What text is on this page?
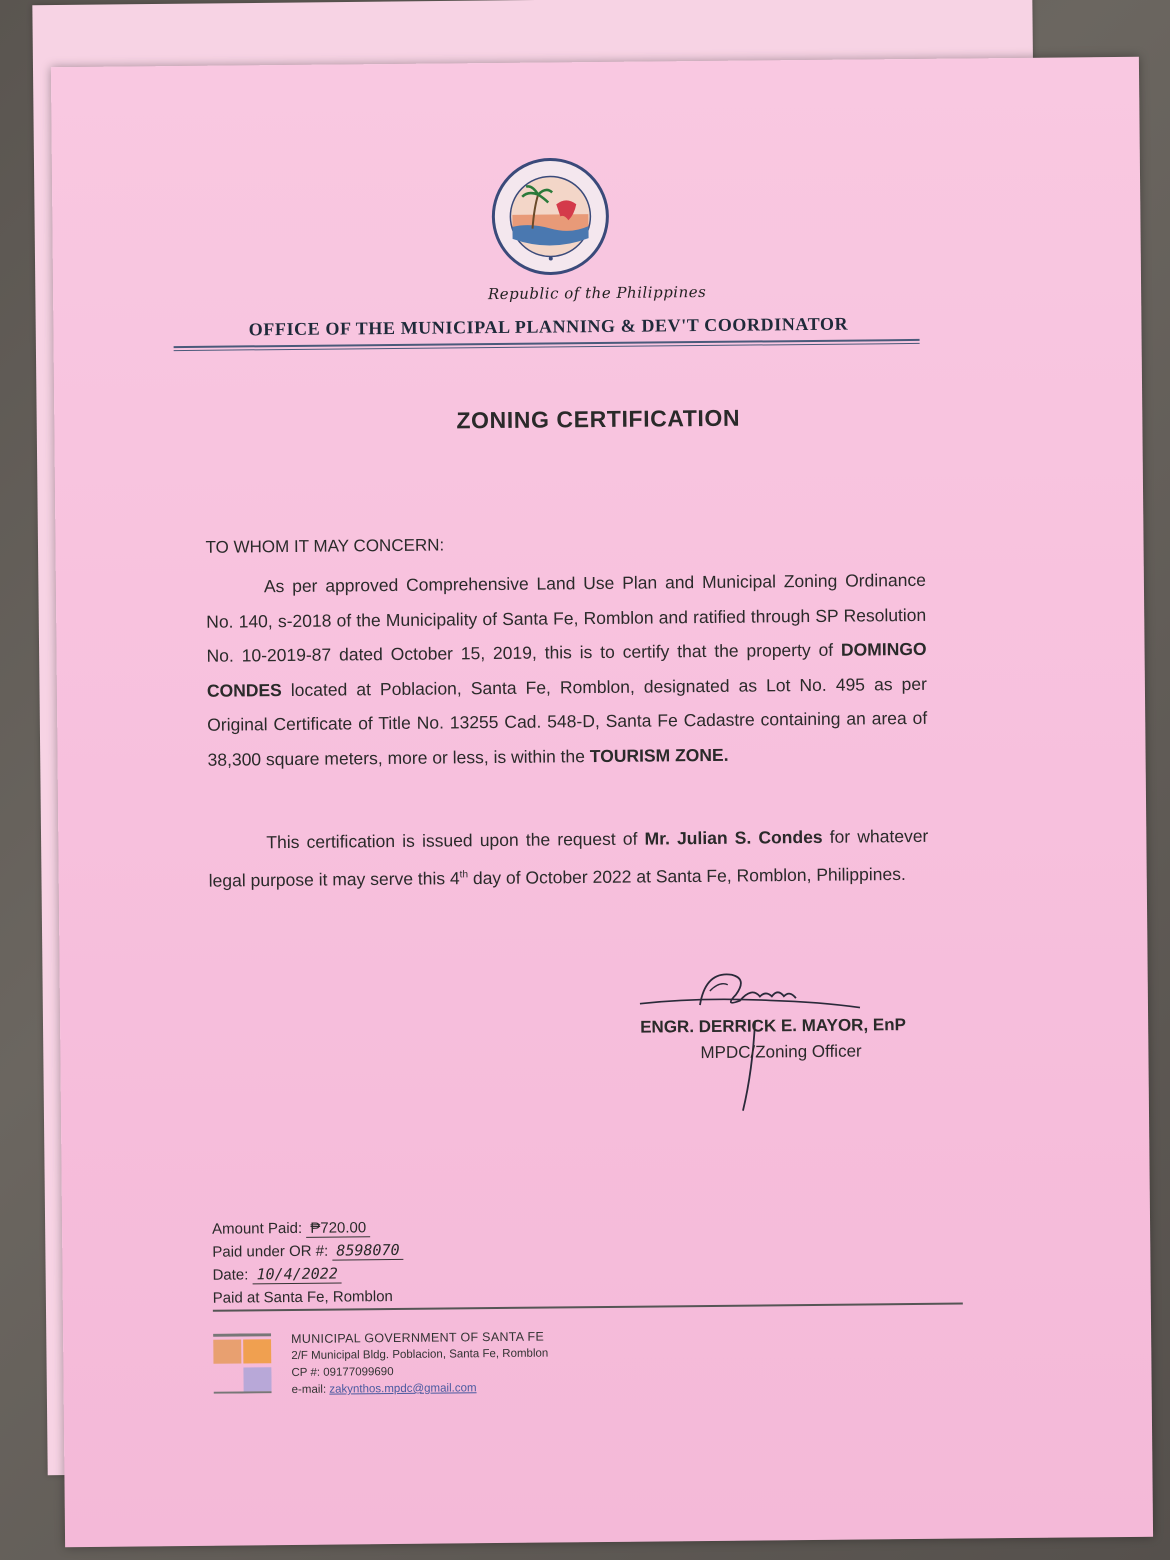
Republic of the Philippines
OFFICE OF THE MUNICIPAL PLANNING & DEV'T COORDINATOR
ZONING CERTIFICATION
TO WHOM IT MAY CONCERN:
As per approved Comprehensive Land Use Plan and Municipal Zoning Ordinance No. 140, s-2018 of the Municipality of Santa Fe, Romblon and ratified through SP Resolution No. 10-2019-87 dated October 15, 2019, this is to certify that the property of DOMINGO CONDES located at Poblacion, Santa Fe, Romblon, designated as Lot No. 495 as per Original Certificate of Title No. 13255 Cad. 548-D, Santa Fe Cadastre containing an area of 38,300 square meters, more or less, is within the TOURISM ZONE.
This certification is issued upon the request of Mr. Julian S. Condes for whatever legal purpose it may serve this 4th day of October 2022 at Santa Fe, Romblon, Philippines.
ENGR. DERRICK E. MAYOR, EnP
MPDC/Zoning Officer
Amount Paid: ₱720.00
Paid under OR #: 8598070
Date: 10/4/2022
Paid at Santa Fe, Romblon
MUNICIPAL GOVERNMENT OF SANTA FE
2/F Municipal Bldg. Poblacion, Santa Fe, Romblon
CP #: 09177099690
e-mail: zakynthos.mpdc@gmail.com
